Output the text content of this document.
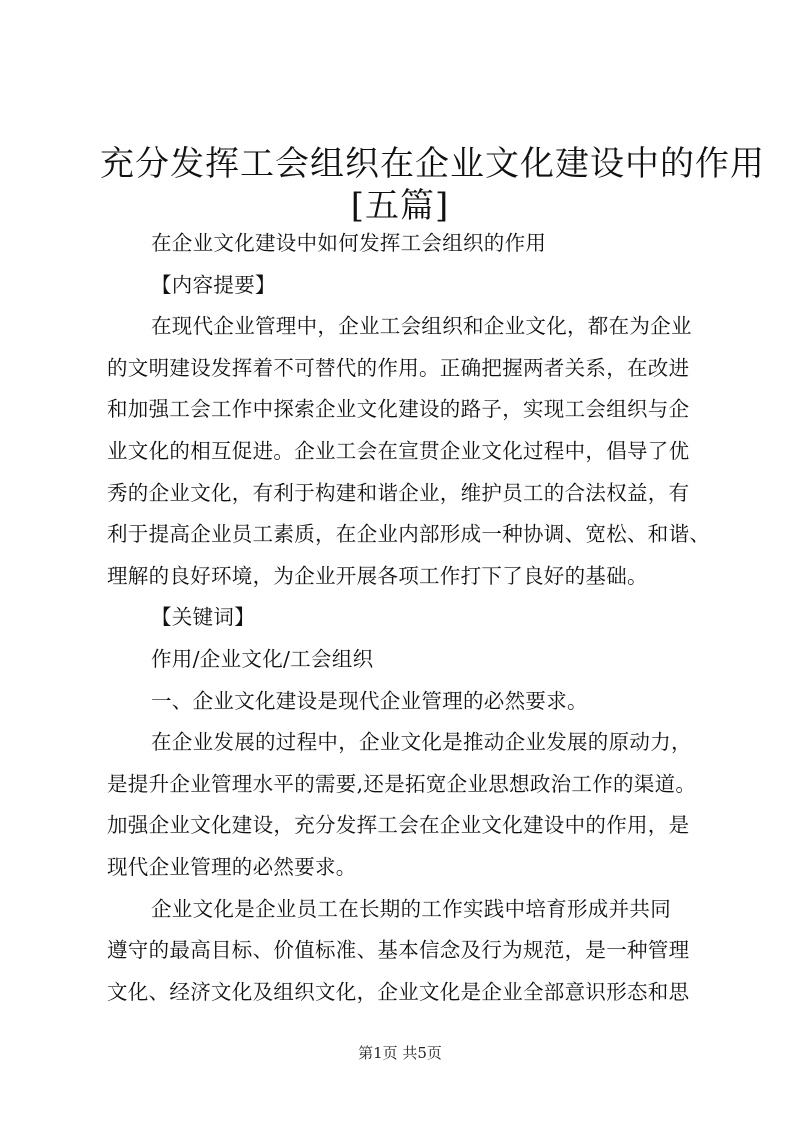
充分发挥工会组织在企业文化建设中的作用
[五篇]
在企业文化建设中如何发挥工会组织的作用
【内容提要】
在现代企业管理中，企业工会组织和企业文化，都在为企业
的文明建设发挥着不可替代的作用。正确把握两者关系，在改进
和加强工会工作中探索企业文化建设的路子，实现工会组织与企
业文化的相互促进。企业工会在宣贯企业文化过程中，倡导了优
秀的企业文化，有利于构建和谐企业，维护员工的合法权益，有
利于提高企业员工素质，在企业内部形成一种协调、宽松、和谐、
理解的良好环境，为企业开展各项工作打下了良好的基础。
【关键词】
作用/企业文化/工会组织
一、企业文化建设是现代企业管理的必然要求。
在企业发展的过程中，企业文化是推动企业发展的原动力，
是提升企业管理水平的需要,还是拓宽企业思想政治工作的渠道。
加强企业文化建设，充分发挥工会在企业文化建设中的作用，是
现代企业管理的必然要求。
企业文化是企业员工在长期的工作实践中培育形成并共同
遵守的最高目标、价值标准、基本信念及行为规范，是一种管理
文化、经济文化及组织文化，企业文化是企业全部意识形态和思
第1页 共5页
